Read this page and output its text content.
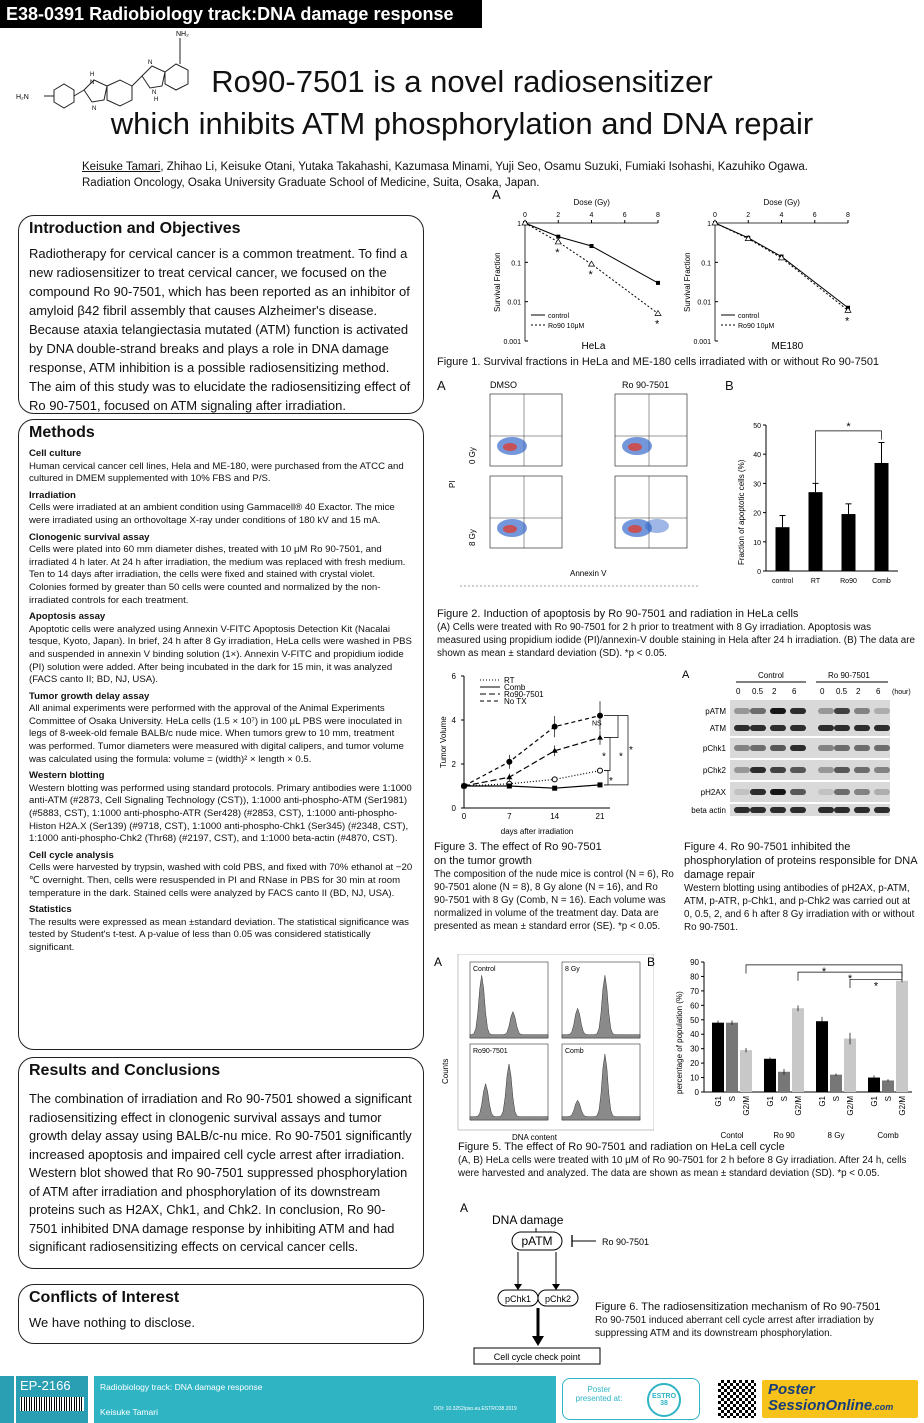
E38-0391 Radiobiology track:DNA damage response
H₂N
H
N
N
N
N
H
NH₂
Ro90-7501 is a novel radiosensitizer
which inhibits ATM phosphorylation and DNA repair
Keisuke Tamari, Zhihao Li, Keisuke Otani, Yutaka Takahashi, Kazumasa Minami, Yuji Seo, Osamu Suzuki, Fumiaki Isohashi, Kazuhiko Ogawa.
Radiation Oncology, Osaka University Graduate School of Medicine, Suita, Osaka, Japan.
Introduction and Objectives
Radiotherapy for cervical cancer is a common treatment. To find a new radiosensitizer to treat cervical cancer, we focused on the compound Ro 90-7501, which has been reported as an inhibitor of amyloid β42 fibril assembly that causes Alzheimer's disease. Because ataxia telangiectasia mutated (ATM) function is activated by DNA double-strand breaks and plays a role in DNA damage response, ATM inhibition is a possible radiosensitizing method. The aim of this study was to elucidate the radiosensitizing effect of Ro 90-7501, focused on ATM signaling after irradiation.
Methods
Cell culture
Human cervical cancer cell lines, Hela and ME-180, were purchased from the ATCC and cultured in DMEM supplemented with 10% FBS and P/S.
Irradiation
Cells were irradiated at an ambient condition using Gammacell® 40 Exactor. The mice were irradiated using an orthovoltage X-ray under conditions of 180 kV and 15 mA.
Clonogenic survival assay
Cells were plated into 60 mm diameter dishes, treated with 10 μM Ro 90-7501, and irradiated 4 h later. At 24 h after irradiation, the medium was replaced with fresh medium. Ten to 14 days after irradiation, the cells were fixed and stained with crystal violet. Colonies formed by greater than 50 cells were counted and normalized by the non-irradiated controls for each treatment.
Apoptosis assay
Apoptotic cells were analyzed using Annexin V-FITC Apoptosis Detection Kit (Nacalai tesque, Kyoto, Japan). In brief, 24 h after 8 Gy irradiation, HeLa cells were washed in PBS and suspended in annexin V binding solution (1×). Annexin V-FITC and propidium iodide (PI) solution were added. After being incubated in the dark for 15 min, it was analyzed (FACS canto II; BD, NJ, USA).
Tumor growth delay assay
All animal experiments were performed with the approval of the Animal Experiments Committee of Osaka University. HeLa cells (1.5 × 10⁷) in 100 μL PBS were inoculated in legs of 8-week-old female BALB/c nude mice. When tumors grew to 10 mm, treatment was performed. Tumor diameters were measured with digital calipers, and tumor volume was calculated using the formula: volume = (width)² × length × 0.5.
Western blotting
Western blotting was performed using standard protocols. Primary antibodies were 1:1000 anti-ATM (#2873, Cell Signaling Technology (CST)), 1:1000 anti-phospho-ATM (Ser1981) (#5883, CST), 1:1000 anti-phospho-ATR (Ser428) (#2853, CST), 1:1000 anti-phospho-Histon H2A.X (Ser139) (#9718, CST), 1:1000 anti-phospho-Chk1 (Ser345) (#2348, CST), 1:1000 anti-phospho-Chk2 (Thr68) (#2197, CST), and 1:1000 beta-actin (#4870, CST).
Cell cycle analysis
Cells were harvested by trypsin, washed with cold PBS, and fixed with 70% ethanol at −20 ℃ overnight. Then, cells were resuspended in PI and RNase in PBS for 30 min at room temperature in the dark. Stained cells were analyzed by FACS canto II (BD, NJ, USA).
Statistics
The results were expressed as mean ±standard deviation. The statistical significance was tested by Student's t-test. A p-value of less than 0.05 was considered statistically significant.
Results and Conclusions
The combination of irradiation and Ro 90-7501 showed a significant radiosensitizing effect in clonogenic survival assays and tumor growth delay assay using BALB/c-nu mice. Ro 90-7501 significantly increased apoptosis and impaired cell cycle arrest after irradiation. Western blot showed that Ro 90-7501 suppressed phosphorylation of ATM after irradiation and phosphorylation of its downstream proteins such as H2AX, Chk1, and Chk2. In conclusion, Ro 90-7501 inhibited DNA damage response by inhibiting ATM and had significant radiosensitizing effects on cervical cancer cells.
Conflicts of Interest
We have nothing to disclose.
A
Dose (Gy)
0	2	4	6	8
1
0.1
0.01
0.001
Survival Fraction	*
*
*
control
Ro90 10μM
HeLa
Dose (Gy)
0	2	4	6	8
1
0.1
0.01
0.001
Survival Fraction
*
control
Ro90 10μM
ME180
Figure 1. Survival fractions in HeLa and ME-180 cells irradiated with or without Ro 90-7501
A	B
DMSO	Ro 90-7501
0 Gy
8 Gy
PI
Annexin V	0
10
20
30
40
50
Fraction of apoptotic cells (%)
control	RT	Ro90 Comb
*
Figure 2. Induction of apoptosis by Ro 90-7501 and radiation in HeLa cells
(A) Cells were treated with Ro 90-7501 for 2 h prior to treatment with 8 Gy irradiation. Apoptosis was measured using propidium iodide (PI)/annexin-V double staining in Hela after 24 h irradiation. (B) The data are shown as mean ± standard deviation (SD). *p < 0.05.
0
2
4
6
0	7	14	21
days after irradiation
Tumor Volume
RT
Comb
Ro90-7501
No TX
NS
*
*
*
*
Figure 3. The effect of Ro 90-7501
on the tumor growth
The composition of the nude mice is control (N = 6), Ro 90-7501 alone (N = 8), 8 Gy alone (N = 16), and Ro 90-7501 with 8 Gy (Comb, N = 16). Each volume was normalized in volume of the treatment day. Data are presented as mean ± standard error (SE). *p < 0.05.
A	Control	Ro 90-7501
0 0.5 2 6	0 0.5 2 6 (hour)
pATM
ATM
pChk1
pChk2
pH2AX
beta actin
Figure 4. Ro 90-7501 inhibited the phosphorylation of proteins responsible for DNA damage repair
Western blotting using antibodies of pH2AX, p-ATM, ATM, p-ATR, p-Chk1, and p-Chk2 was carried out at 0, 0.5, 2, and 6 h after 8 Gy irradiation with or without Ro 90-7501.
A
Counts
DNA content
Control	8 Gy
Ro90-7501	Comb
B
0
10
20
30
40
50
60
70
80
90
percentage of population (%)
G1 S G2/M
Contol
G1 S G2/M
Ro 90
G1 S G2/M
8 Gy
G1 S G2/M
Comb
*
*
*
Figure 5. The effect of Ro 90-7501 and radiation on HeLa cell cycle
(A, B) HeLa cells were treated with 10 μM of Ro 90-7501 for 2 h before 8 Gy irradiation. After 24 h, cells were harvested and analyzed. The data are shown as mean ± standard deviation (SD). *p < 0.05.
A
DNA damage
pATM	Ro 90-7501
pChk1 pChk2
Cell cycle check point
Figure 6. The radiosensitization mechanism of Ro 90-7501
Ro 90-7501 induced aberrant cell cycle arrest after irradiation by suppressing ATM and its downstream phosphorylation.
EP-2166	Radiobiology track: DNA damage response
Keisuke Tamari	DOI: 10.3252/pso.eu.ESTRO38.2019
Poster presented at:	ESTRO 38
Poster
SessionOnline.com
